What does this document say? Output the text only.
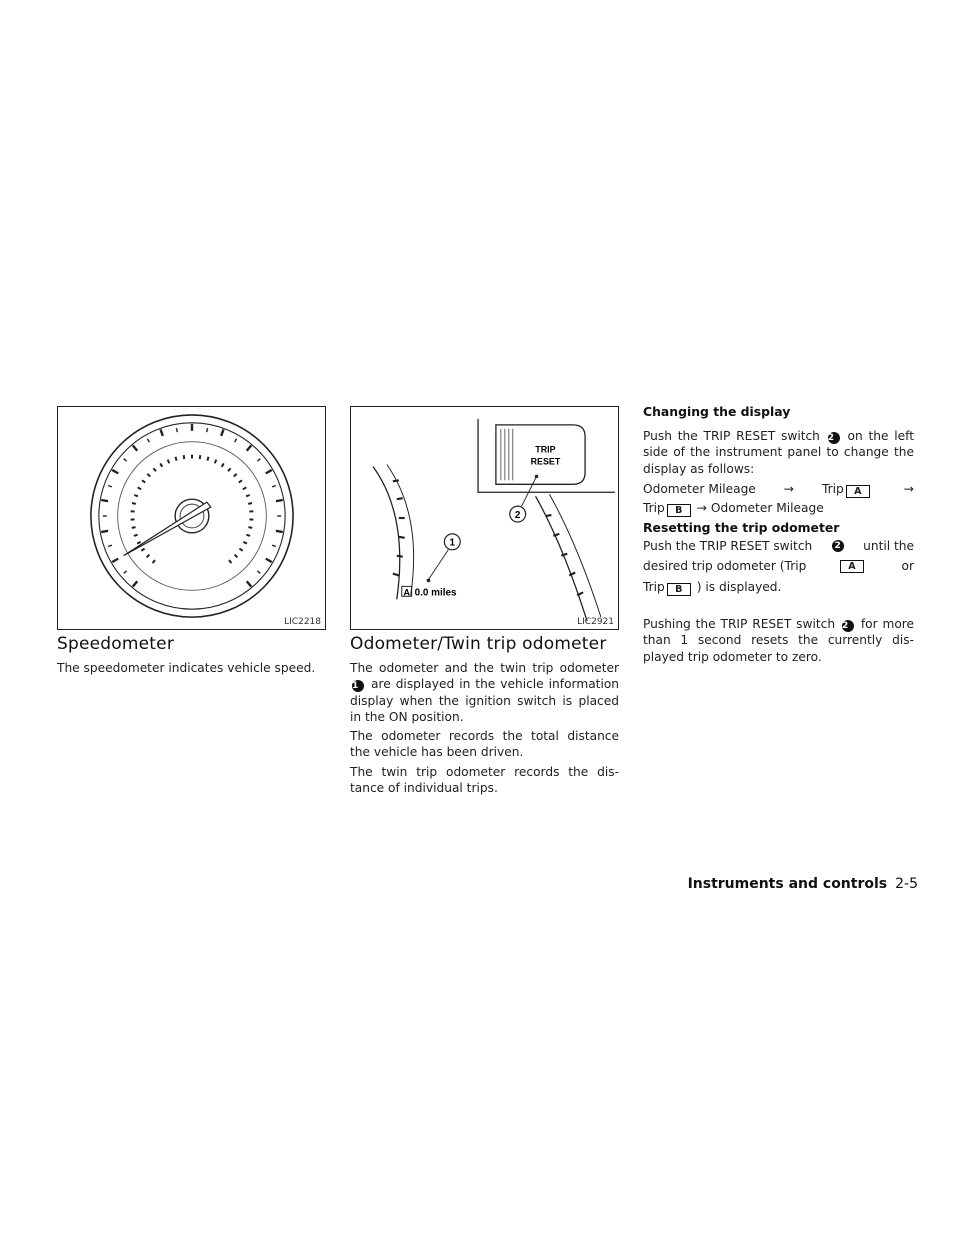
LIC2218
TRIP
RESET
2
1
A 0.0 miles
LIC2921
Speedometer

The speedometer indicates vehicle speed.

Odometer/Twin trip odometer

The odometer and the twin trip odometer 1 are displayed in the vehicle information display when the ignition switch is placed in the ON position.

The odometer records the total distance the vehicle has been driven.

The twin trip odometer records the dis-
tance of individual trips.

Changing the display

Push the TRIP RESET switch 2 on the left side of the instrument panel to change the display as follows:

Odometer Mileage → Trip A	→
Trip B → Odometer Mileage
Resetting the trip odometer
Push the TRIP RESET switch	2 until the
desired trip odometer (Trip	A	or
Trip B ) is displayed.

Pushing the TRIP RESET switch 2 for more than 1 second resets the currently dis- played trip odometer to zero.

Instruments and controls 2-5
